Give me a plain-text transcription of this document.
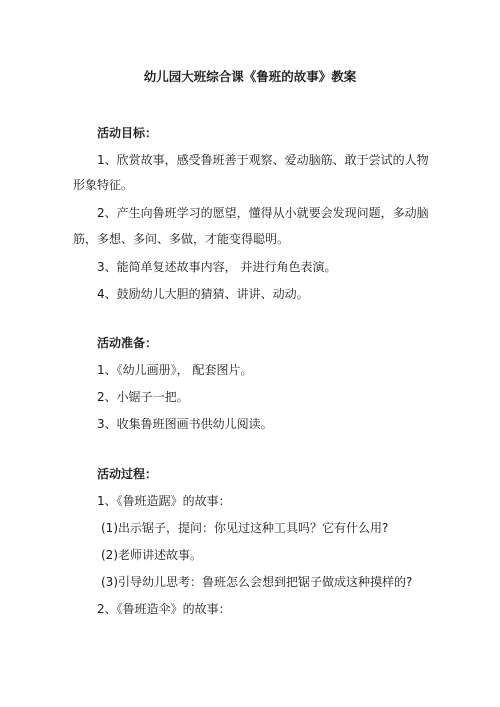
幼儿园大班综合课《鲁班的故事》教案
活动目标：
1、欣赏故事，感受鲁班善于观察、爱动脑筋、敢于尝试的人物
形象特征。
2、产生向鲁班学习的愿望，懂得从小就要会发现问题，多动脑
筋，多想、多问、多做，才能变得聪明。
3、能简单复述故事内容， 并进行角色表演。
4、鼓励幼儿大胆的猜猜、讲讲、动动。
活动准备：
1、《幼儿画册》， 配套图片。
2、小锯子一把。
3、收集鲁班图画书供幼儿阅读。
活动过程：
1、《鲁班造踞》的故事：
(1)出示锯子，提问：你见过这种工具吗？它有什么用?
(2)老师讲述故事。
(3)引导幼儿思考：鲁班怎么会想到把锯子做成这种摸样的?
2、《鲁班造伞》的故事：
